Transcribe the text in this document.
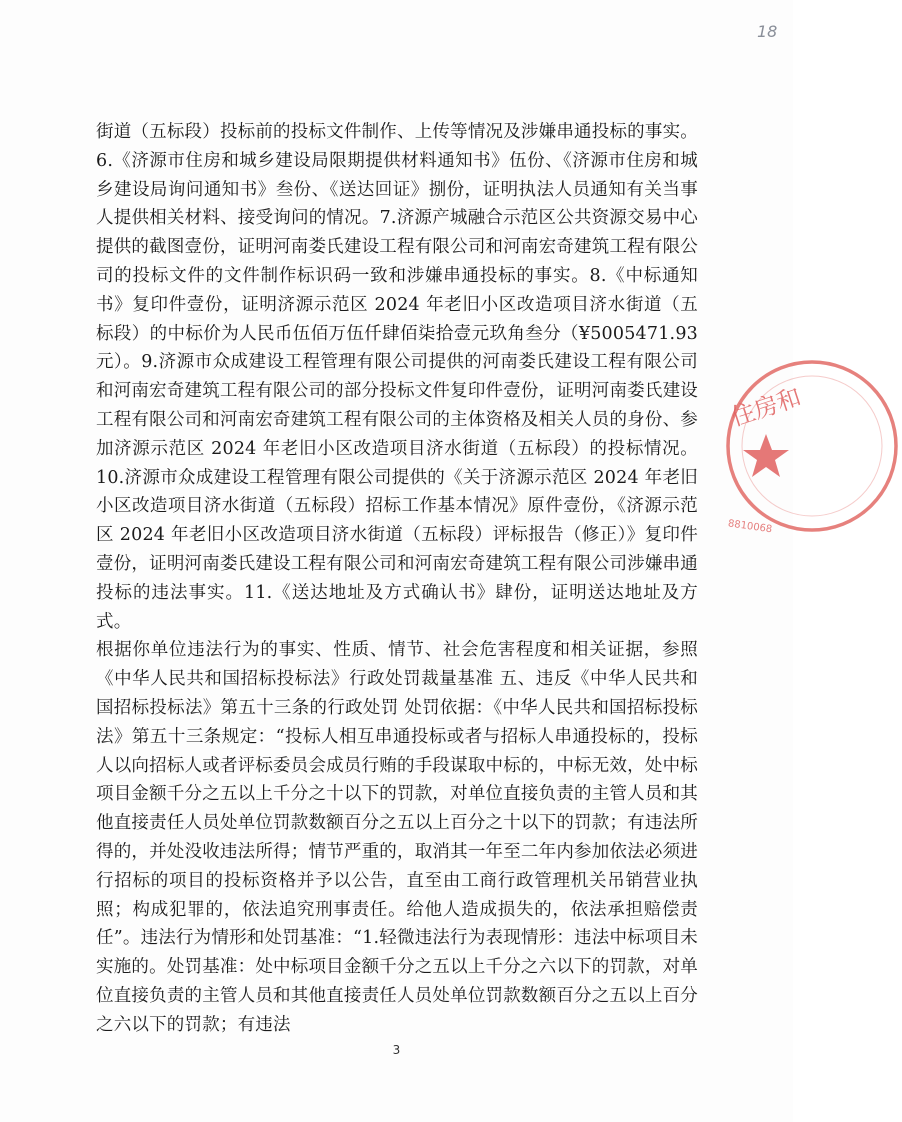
18

街道（五标段）投标前的投标文件制作、上传等情况及涉嫌串通投标的事实。6.《济源市住房和城乡建设局限期提供材料通知书》伍份、《济源市住房和城乡建设局询问通知书》叁份、《送达回证》捌份，证明执法人员通知有关当事人提供相关材料、接受询问的情况。7.济源产城融合示范区公共资源交易中心提供的截图壹份，证明河南娄氏建设工程有限公司和河南宏奇建筑工程有限公司的投标文件的文件制作标识码一致和涉嫌串通投标的事实。8.《中标通知书》复印件壹份，证明济源示范区 2024 年老旧小区改造项目济水街道（五标段）的中标价为人民币伍佰万伍仟肆佰柒拾壹元玖角叁分（¥5005471.93 元）。9.济源市众成建设工程管理有限公司提供的河南娄氏建设工程有限公司和河南宏奇建筑工程有限公司的部分投标文件复印件壹份，证明河南娄氏建设工程有限公司和河南宏奇建筑工程有限公司的主体资格及相关人员的身份、参加济源示范区 2024 年老旧小区改造项目济水街道（五标段）的投标情况。10.济源市众成建设工程管理有限公司提供的《关于济源示范区 2024 年老旧小区改造项目济水街道（五标段）招标工作基本情况》原件壹份，《济源示范区 2024 年老旧小区改造项目济水街道（五标段）评标报告（修正）》复印件壹份，证明河南娄氏建设工程有限公司和河南宏奇建筑工程有限公司涉嫌串通投标的违法事实。11.《送达地址及方式确认书》肆份，证明送达地址及方式。

根据你单位违法行为的事实、性质、情节、社会危害程度和相关证据，参照《中华人民共和国招标投标法》行政处罚裁量基准 五、违反《中华人民共和国招标投标法》第五十三条的行政处罚 处罚依据：《中华人民共和国招标投标法》第五十三条规定：“投标人相互串通投标或者与招标人串通投标的，投标人以向招标人或者评标委员会成员行贿的手段谋取中标的，中标无效，处中标项目金额千分之五以上千分之十以下的罚款，对单位直接负责的主管人员和其他直接责任人员处单位罚款数额百分之五以上百分之十以下的罚款；有违法所得的，并处没收违法所得；情节严重的，取消其一年至二年内参加依法必须进行招标的项目的投标资格并予以公告，直至由工商行政管理机关吊销营业执照；构成犯罪的，依法追究刑事责任。给他人造成损失的，依法承担赔偿责任”。违法行为情形和处罚基准：“1.轻微违法行为表现情形：违法中标项目未实施的。处罚基准：处中标项目金额千分之五以上千分之六以下的罚款，对单位直接负责的主管人员和其他直接责任人员处单位罚款数额百分之五以上百分之六以下的罚款；有违法

住房和
8810068
3
